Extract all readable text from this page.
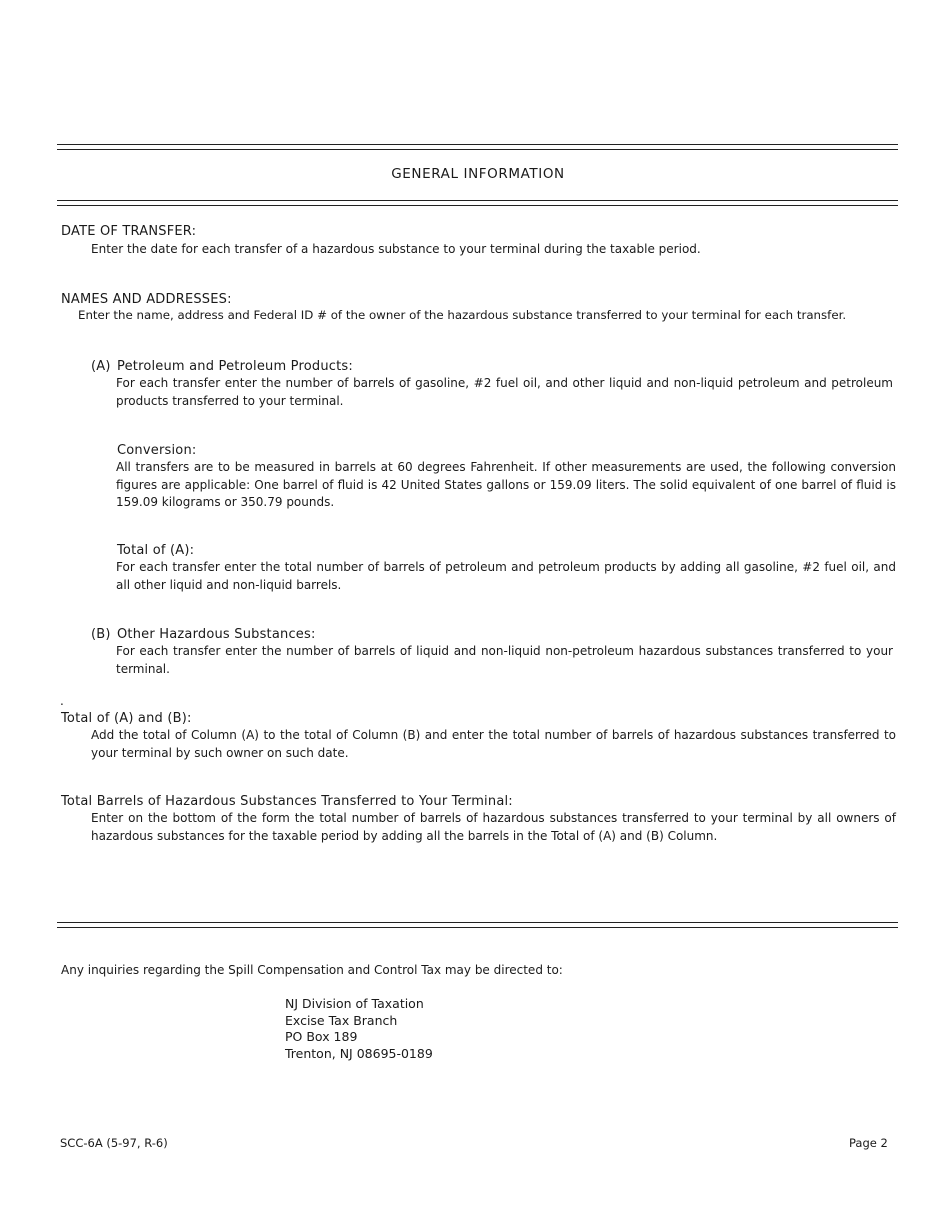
GENERAL INFORMATION
DATE OF TRANSFER:
Enter the date for each transfer of a hazardous substance to your terminal during the taxable period.
NAMES AND ADDRESSES:
Enter the name, address and Federal ID # of the owner of the hazardous substance transferred to your terminal for each transfer.
(A) Petroleum and Petroleum Products:
For each transfer enter the number of barrels of gasoline, #2 fuel oil, and other liquid and non-liquid petroleum and petroleum products transferred to your terminal.
Conversion:
All transfers are to be measured in barrels at 60 degrees Fahrenheit. If other measurements are used, the following conversion figures are applicable: One barrel of fluid is 42 United States gallons or 159.09 liters. The solid equivalent of one barrel of fluid is 159.09 kilograms or 350.79 pounds.
Total of (A):
For each transfer enter the total number of barrels of petroleum and petroleum products by adding all gasoline, #2 fuel oil, and all other liquid and non-liquid barrels.
(B) Other Hazardous Substances:
For each transfer enter the number of barrels of liquid and non-liquid non-petroleum hazardous substances transferred to your terminal.
.
Total of (A) and (B):
Add the total of Column (A) to the total of Column (B) and enter the total number of barrels of hazardous substances transferred to your terminal by such owner on such date.
Total Barrels of Hazardous Substances Transferred to Your Terminal:
Enter on the bottom of the form the total number of barrels of hazardous substances transferred to your terminal by all owners of hazardous substances for the taxable period by adding all the barrels in the Total of (A) and (B) Column.
Any inquiries regarding the Spill Compensation and Control Tax may be directed to:
NJ Division of Taxation
Excise Tax Branch
PO Box 189
Trenton, NJ 08695-0189
SCC-6A (5-97, R-6)	Page 2
